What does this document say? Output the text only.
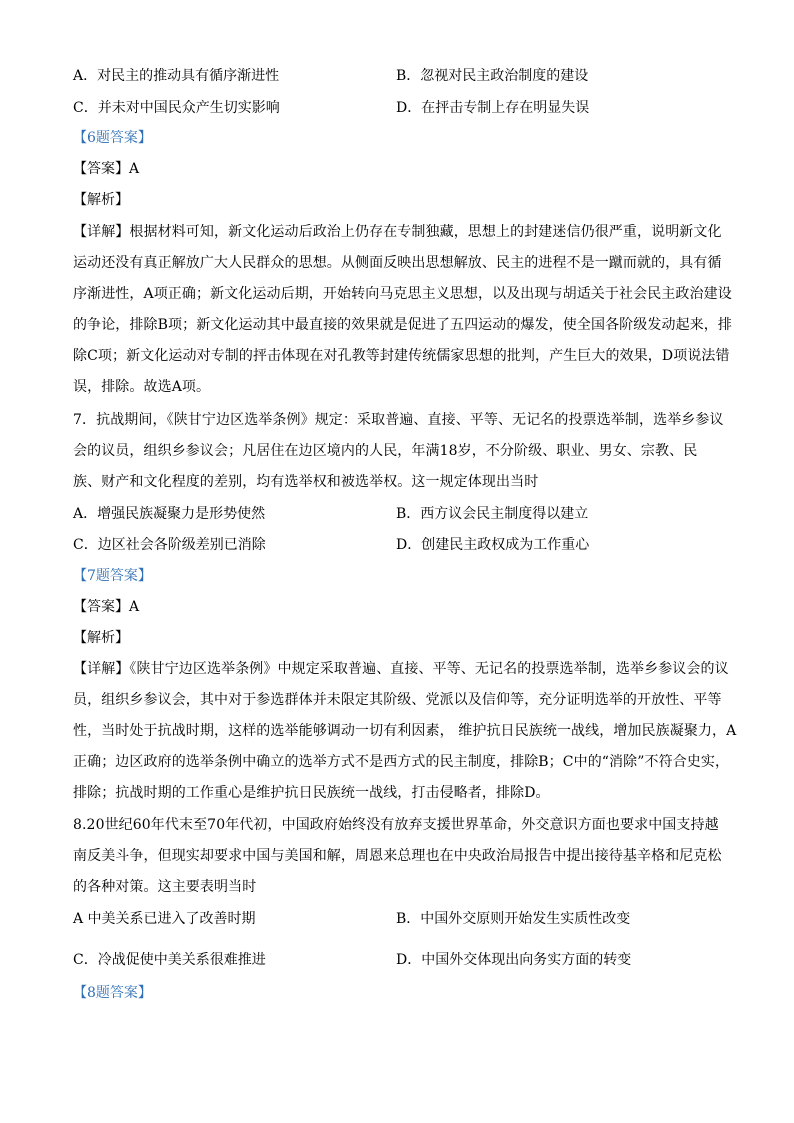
A．对民主的推动具有循序渐进性	B．忽视对民主政治制度的建设
C．并未对中国民众产生切实影响	D．在抨击专制上存在明显失误
【6题答案】
【答案】A
【解析】
【详解】根据材料可知，新文化运动后政治上仍存在专制独藏，思想上的封建迷信仍很严重，说明新文化
运动还没有真正解放广大人民群众的思想。从侧面反映出思想解放、民主的进程不是一蹴而就的，具有循
序渐进性，A项正确；新文化运动后期，开始转向马克思主义思想，以及出现与胡适关于社会民主政治建设
的争论，排除B项；新文化运动其中最直接的效果就是促进了五四运动的爆发，使全国各阶级发动起来，排
除C项；新文化运动对专制的抨击体现在对孔教等封建传统儒家思想的批判，产生巨大的效果，D项说法错
误，排除。故选A项。
7．抗战期间，《陕甘宁边区选举条例》规定：采取普遍、直接、平等、无记名的投票选举制，选举乡参议
会的议员，组织乡参议会；凡居住在边区境内的人民，年满18岁，不分阶级、职业、男女、宗教、民
族、财产和文化程度的差别，均有选举权和被选举权。这一规定体现出当时
A．增强民族凝聚力是形势使然	B．西方议会民主制度得以建立
C．边区社会各阶级差别已消除	D．创建民主政权成为工作重心
【7题答案】
【答案】A
【解析】
【详解】《陕甘宁边区选举条例》中规定采取普遍、直接、平等、无记名的投票选举制，选举乡参议会的议
员，组织乡参议会，其中对于参选群体并未限定其阶级、党派以及信仰等，充分证明选举的开放性、平等
性，当时处于抗战时期，这样的选举能够调动一切有利因素， 维护抗日民族统一战线，增加民族凝聚力，A
正确；边区政府的选举条例中确立的选举方式不是西方式的民主制度，排除B；C中的“消除”不符合史实，
排除；抗战时期的工作重心是维护抗日民族统一战线，打击侵略者，排除D。
8.20世纪60年代末至70年代初，中国政府始终没有放弃支援世界革命，外交意识方面也要求中国支持越
南反美斗争，但现实却要求中国与美国和解，周恩来总理也在中央政治局报告中提出接待基辛格和尼克松
的各种对策。这主要表明当时
A 中美关系已进入了改善时期	B．中国外交原则开始发生实质性改变
C．冷战促使中美关系很难推进	D．中国外交体现出向务实方面的转变
【8题答案】
